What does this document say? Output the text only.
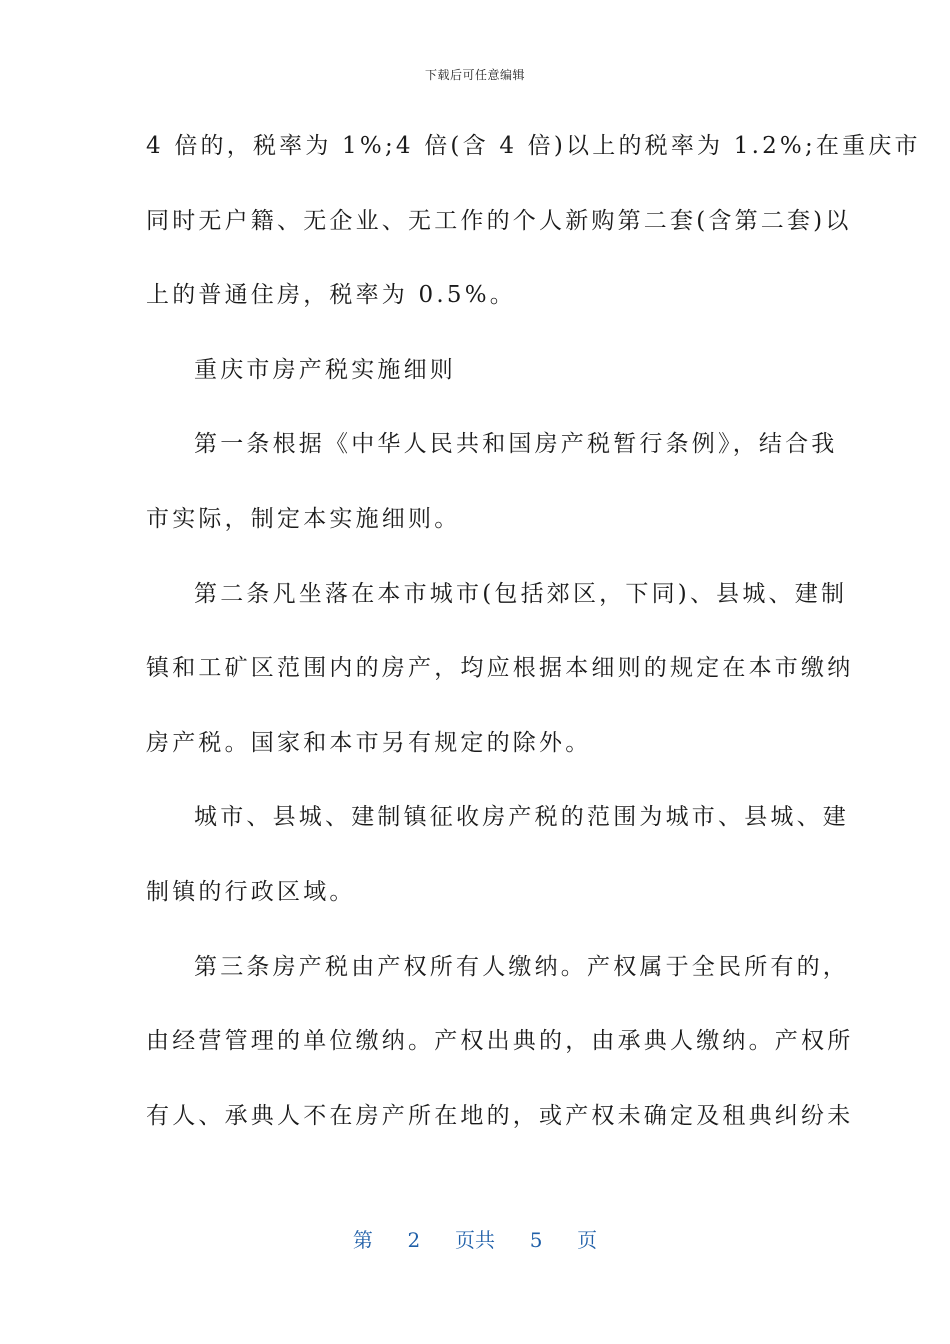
下载后可任意编辑
4 倍的，税率为 1%;4 倍(含 4 倍)以上的税率为 1.2%;在重庆市
同时无户籍、无企业、无工作的个人新购第二套(含第二套)以
上的普通住房，税率为 0.5%。
重庆市房产税实施细则
第一条根据《中华人民共和国房产税暂行条例》，结合我
市实际，制定本实施细则。
第二条凡坐落在本市城市(包括郊区，下同)、县城、建制
镇和工矿区范围内的房产，均应根据本细则的规定在本市缴纳
房产税。国家和本市另有规定的除外。
城市、县城、建制镇征收房产税的范围为城市、县城、建
制镇的行政区域。
第三条房产税由产权所有人缴纳。产权属于全民所有的，
由经营管理的单位缴纳。产权出典的，由承典人缴纳。产权所
有人、承典人不在房产所在地的，或产权未确定及租典纠纷未
第 2 页共 5 页
